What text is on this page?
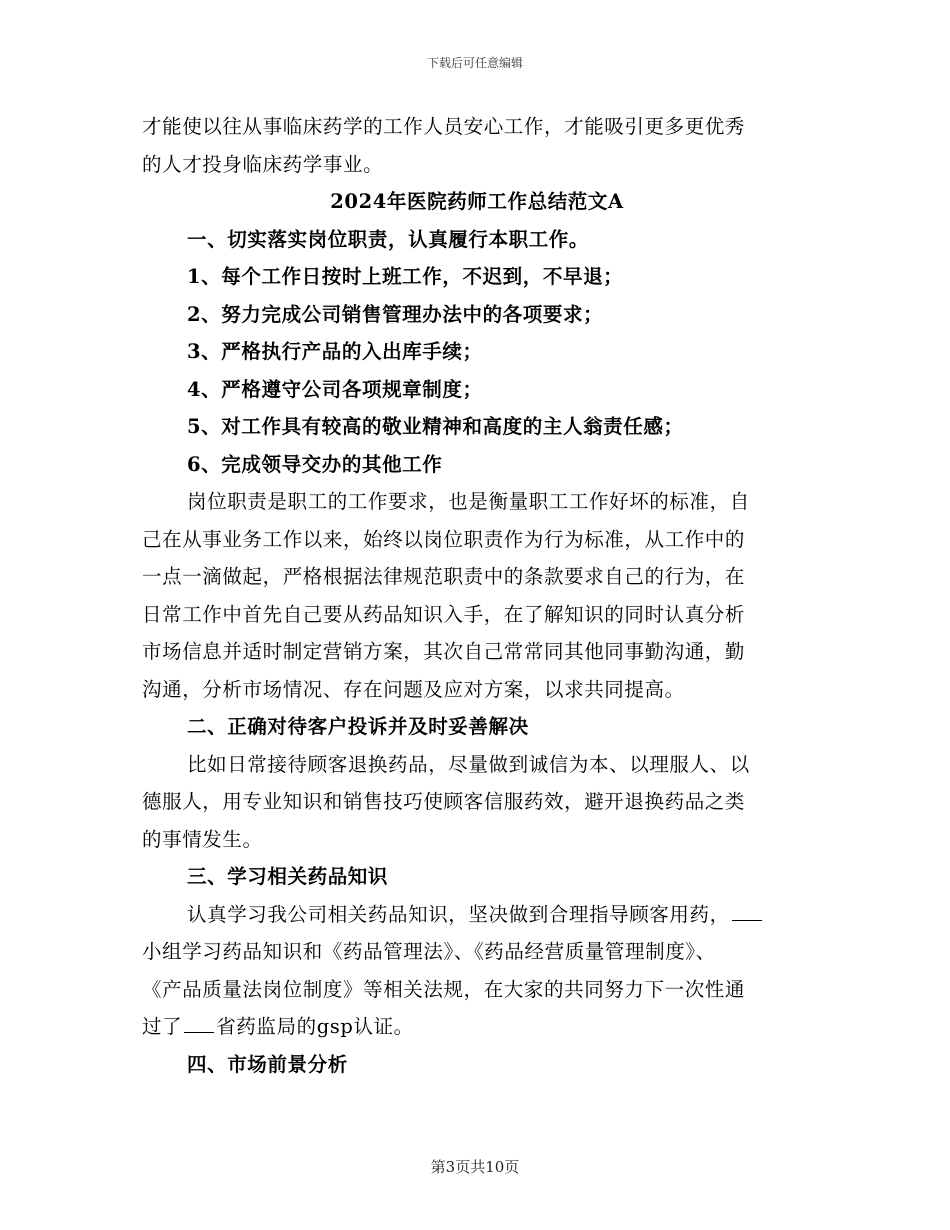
下载后可任意编辑
才能使以往从事临床药学的工作人员安心工作，才能吸引更多更优秀
的人才投身临床药学事业。
2024年医院药师工作总结范文A
一、切实落实岗位职责，认真履行本职工作。
1、每个工作日按时上班工作，不迟到，不早退；
2、努力完成公司销售管理办法中的各项要求；
3、严格执行产品的入出库手续；
4、严格遵守公司各项规章制度；
5、对工作具有较高的敬业精神和高度的主人翁责任感；
6、完成领导交办的其他工作
岗位职责是职工的工作要求，也是衡量职工工作好坏的标准，自
己在从事业务工作以来，始终以岗位职责作为行为标准，从工作中的
一点一滴做起，严格根据法律规范职责中的条款要求自己的行为，在
日常工作中首先自己要从药品知识入手，在了解知识的同时认真分析
市场信息并适时制定营销方案，其次自己常常同其他同事勤沟通，勤
沟通，分析市场情况、存在问题及应对方案，以求共同提高。
二、正确对待客户投诉并及时妥善解决
比如日常接待顾客退换药品，尽量做到诚信为本、以理服人、以
德服人，用专业知识和销售技巧使顾客信服药效，避开退换药品之类
的事情发生。
三、学习相关药品知识
认真学习我公司相关药品知识，坚决做到合理指导顾客用药，
小组学习药品知识和《药品管理法》、《药品经营质量管理制度》、
《产品质量法岗位制度》等相关法规，在大家的共同努力下一次性通
过了 省药监局的gsp认证。
四、市场前景分析
第3页共10页
